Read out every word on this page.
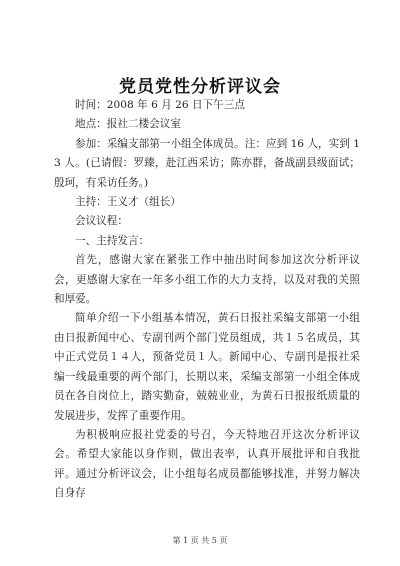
党员党性分析评议会

时间：2008 年 6 月 26 日下午三点

地点：报社二楼会议室

参加：采编支部第一小组全体成员。注：应到 16 人，实到 13 人。(已请假：罗臻，赴江西采访；陈亦群，备战副县级面试；殷珂，有采访任务。)

主持：王义才（组长）

会议议程：

一、主持发言：

首先，感谢大家在紧张工作中抽出时间参加这次分析评议会，更感谢大家在一年多小组工作的大力支持，以及对我的关照和厚爱。

简单介绍一下小组基本情况，黄石日报社采编支部第一小组由日报新闻中心、专副刊两个部门党员组成，共１５名成员，其中正式党员１４人，预备党员１人。新闻中心、专副刊是报社采编一线最重要的两个部门，长期以来，采编支部第一小组全体成员在各自岗位上，踏实勤奋，兢兢业业，为黄石日报报纸质量的发展进步，发挥了重要作用。

为积极响应报社党委的号召，今天特地召开这次分析评议会。希望大家能以身作则，做出表率，认真开展批评和自我批评。通过分析评议会，让小组每名成员都能够找准，并努力解决自身存

第 1 页 共 5 页
